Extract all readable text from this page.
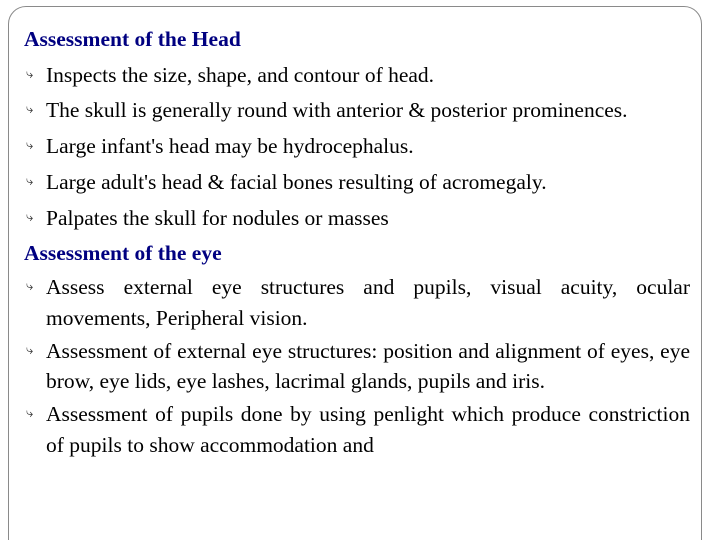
Assessment of the Head

⤷ Inspects the size, shape, and contour of head.

⤷ The skull is generally round with anterior & posterior prominences.

⤷ Large infant's head may be hydrocephalus.

⤷ Large adult's head & facial bones resulting of acromegaly.

⤷ Palpates the skull for nodules or masses

Assessment of the eye

⤷ Assess external eye structures and pupils, visual acuity, ocular movements, Peripheral vision.

⤷ Assessment of external eye structures: position and alignment of eyes, eye brow, eye lids, eye lashes, lacrimal glands, pupils and iris.

⤷ Assessment of pupils done by using penlight which produce constriction of pupils to show accommodation and
